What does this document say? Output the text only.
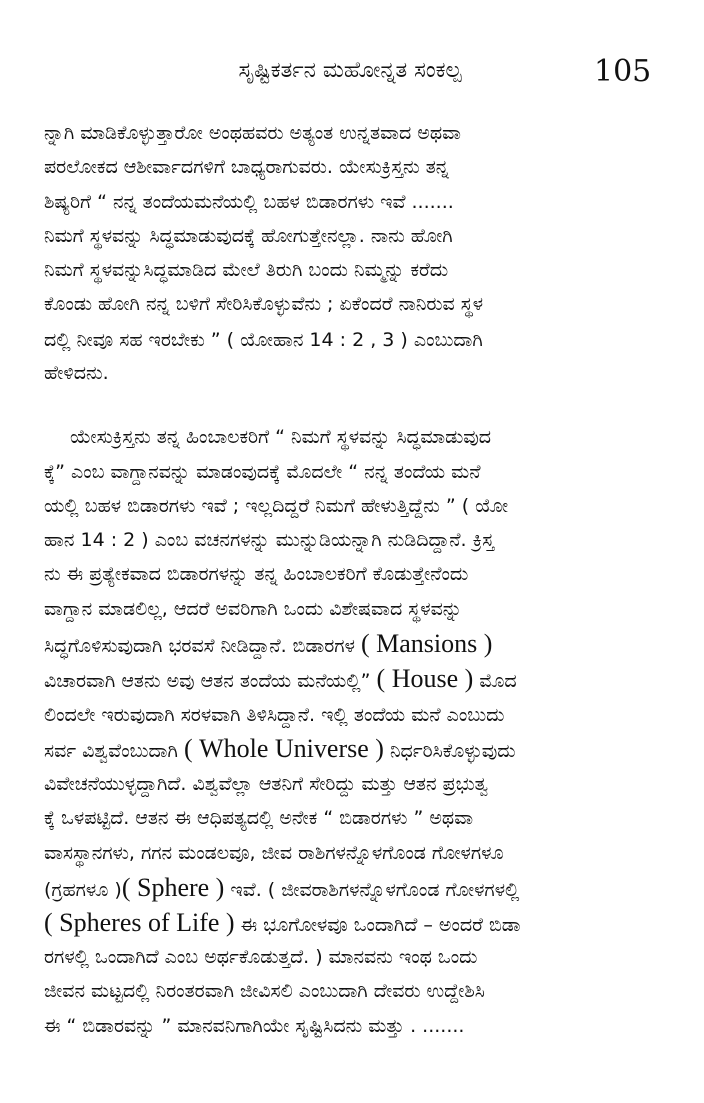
ಸೃಷ್ಟಿಕರ್ತನ ಮಹೋನ್ನತ ಸಂಕಲ್ಪ	105
ನ್ನಾಗಿ ಮಾಡಿಕೊಳ್ಳುತ್ತಾರೋ ಅಂಥಹವರು ಅತ್ಯಂತ ಉನ್ನತವಾದ ಅಥವಾ
ಪರಲೋಕದ ಆಶೀರ್ವಾದಗಳಿಗೆ ಬಾಧ್ಯರಾಗುವರು. ಯೇಸುಕ್ರಿಸ್ತನು ತನ್ನ
ಶಿಷ್ಯರಿಗೆ “ ನನ್ನ ತಂದೆಯಮನೆಯಲ್ಲಿ ಬಹಳ ಬಿಡಾರಗಳು ಇವೆ .......
ನಿಮಗೆ ಸ್ಥಳವನ್ನು ಸಿದ್ಧಮಾಡುವುದಕ್ಕೆ ಹೋಗುತ್ತೇನಲ್ಲಾ. ನಾನು ಹೋಗಿ
ನಿಮಗೆ ಸ್ಥಳವನ್ನುಸಿದ್ಧಮಾಡಿದ ಮೇಲೆ ತಿರುಗಿ ಬಂದು ನಿಮ್ಮನ್ನು ಕರೆದು
ಕೊಂಡು ಹೋಗಿ ನನ್ನ ಬಳಿಗೆ ಸೇರಿಸಿಕೊಳ್ಳುವೆನು ; ಏಕೆಂದರೆ ನಾನಿರುವ ಸ್ಥಳ
ದಲ್ಲಿ ನೀವೂ ಸಹ ಇರಬೇಕು ” ( ಯೋಹಾನ 14 : 2 , 3 ) ಎಂಬುದಾಗಿ
ಹೇಳಿದನು.
ಯೇಸುಕ್ರಿಸ್ತನು ತನ್ನ ಹಿಂಬಾಲಕರಿಗೆ “ ನಿಮಗೆ ಸ್ಥಳವನ್ನು ಸಿದ್ಧಮಾಡುವುದ
ಕ್ಕೆ” ಎಂಬ ವಾಗ್ದಾನವನ್ನು ಮಾಡಂವುದಕ್ಕೆ ಮೊದಲೇ “ ನನ್ನ ತಂದೆಯ ಮನೆ
ಯಲ್ಲಿ ಬಹಳ ಬಿಡಾರಗಳು ಇವೆ ; ಇಲ್ಲದಿದ್ದರೆ ನಿಮಗೆ ಹೇಳುತ್ತಿದ್ದೆನು ” ( ಯೋ
ಹಾನ 14 : 2 ) ಎಂಬ ವಚನಗಳನ್ನು ಮುನ್ನುಡಿಯನ್ನಾಗಿ ನುಡಿದಿದ್ದಾನೆ. ಕ್ರಿಸ್ತ
ನು ಈ ಪ್ರತ್ಯೇಕವಾದ ಬಿಡಾರಗಳನ್ನು ತನ್ನ ಹಿಂಬಾಲಕರಿಗೆ ಕೊಡುತ್ತೇನೆಂದು
ವಾಗ್ದಾನ ಮಾಡಲಿಲ್ಲ, ಆದರೆ ಅವರಿಗಾಗಿ ಒಂದು ವಿಶೇಷವಾದ ಸ್ಥಳವನ್ನು
ಸಿದ್ಧಗೊಳಿಸುವುದಾಗಿ ಭರವಸೆ ನೀಡಿದ್ದಾನೆ. ಬಿಡಾರಗಳ ( Mansions )
ವಿಚಾರವಾಗಿ ಆತನು ಅವು ಆತನ ತಂದೆಯ ಮನೆಯಲ್ಲಿ” ( House ) ಮೊದ
ಲಿಂದಲೇ ಇರುವುದಾಗಿ ಸರಳವಾಗಿ ತಿಳಿಸಿದ್ದಾನೆ. ಇಲ್ಲಿ ತಂದೆಯ ಮನೆ ಎಂಬುದು
ಸರ್ವ ವಿಶ್ವವೆಂಬುದಾಗಿ ( Whole Universe ) ನಿರ್ಧರಿಸಿಕೊಳ್ಳುವುದು
ವಿವೇಚನೆಯುಳ್ಳದ್ದಾಗಿದೆ. ವಿಶ್ವವೆಲ್ಲಾ ಆತನಿಗೆ ಸೇರಿದ್ದು ಮತ್ತು ಆತನ ಪ್ರಭುತ್ವ
ಕ್ಕೆ ಒಳಪಟ್ಟಿದೆ. ಆತನ ಈ ಆಧಿಪತ್ಯದಲ್ಲಿ ಅನೇಕ “ ಬಿಡಾರಗಳು ” ಅಥವಾ
ವಾಸಸ್ಥಾನಗಳು, ಗಗನ ಮಂಡಲವೂ, ಜೀವ ರಾಶಿಗಳನ್ನೊಳಗೊಂಡ ಗೋಳಗಳೂ
(ಗ್ರಹಗಳೂ )( Sphere ) ಇವೆ. ( ಜೀವರಾಶಿಗಳನ್ನೊಳಗೊಂಡ ಗೋಳಗಳಲ್ಲಿ
( Spheres of Life ) ಈ ಭೂಗೋಳವೂ ಒಂದಾಗಿದೆ – ಅಂದರೆ ಬಿಡಾ
ರಗಳಲ್ಲಿ ಒಂದಾಗಿದೆ ಎಂಬ ಅರ್ಥಕೊಡುತ್ತದೆ. ) ಮಾನವನು ಇಂಥ ಒಂದು
ಜೀವನ ಮಟ್ಟದಲ್ಲಿ ನಿರಂತರವಾಗಿ ಜೀವಿಸಲಿ ಎಂಬುದಾಗಿ ದೇವರು ಉದ್ದೇಶಿಸಿ
ಈ “ ಬಿಡಾರವನ್ನು ” ಮಾನವನಿಗಾಗಿಯೇ ಸೃಷ್ಟಿಸಿದನು ಮತ್ತು . .......
